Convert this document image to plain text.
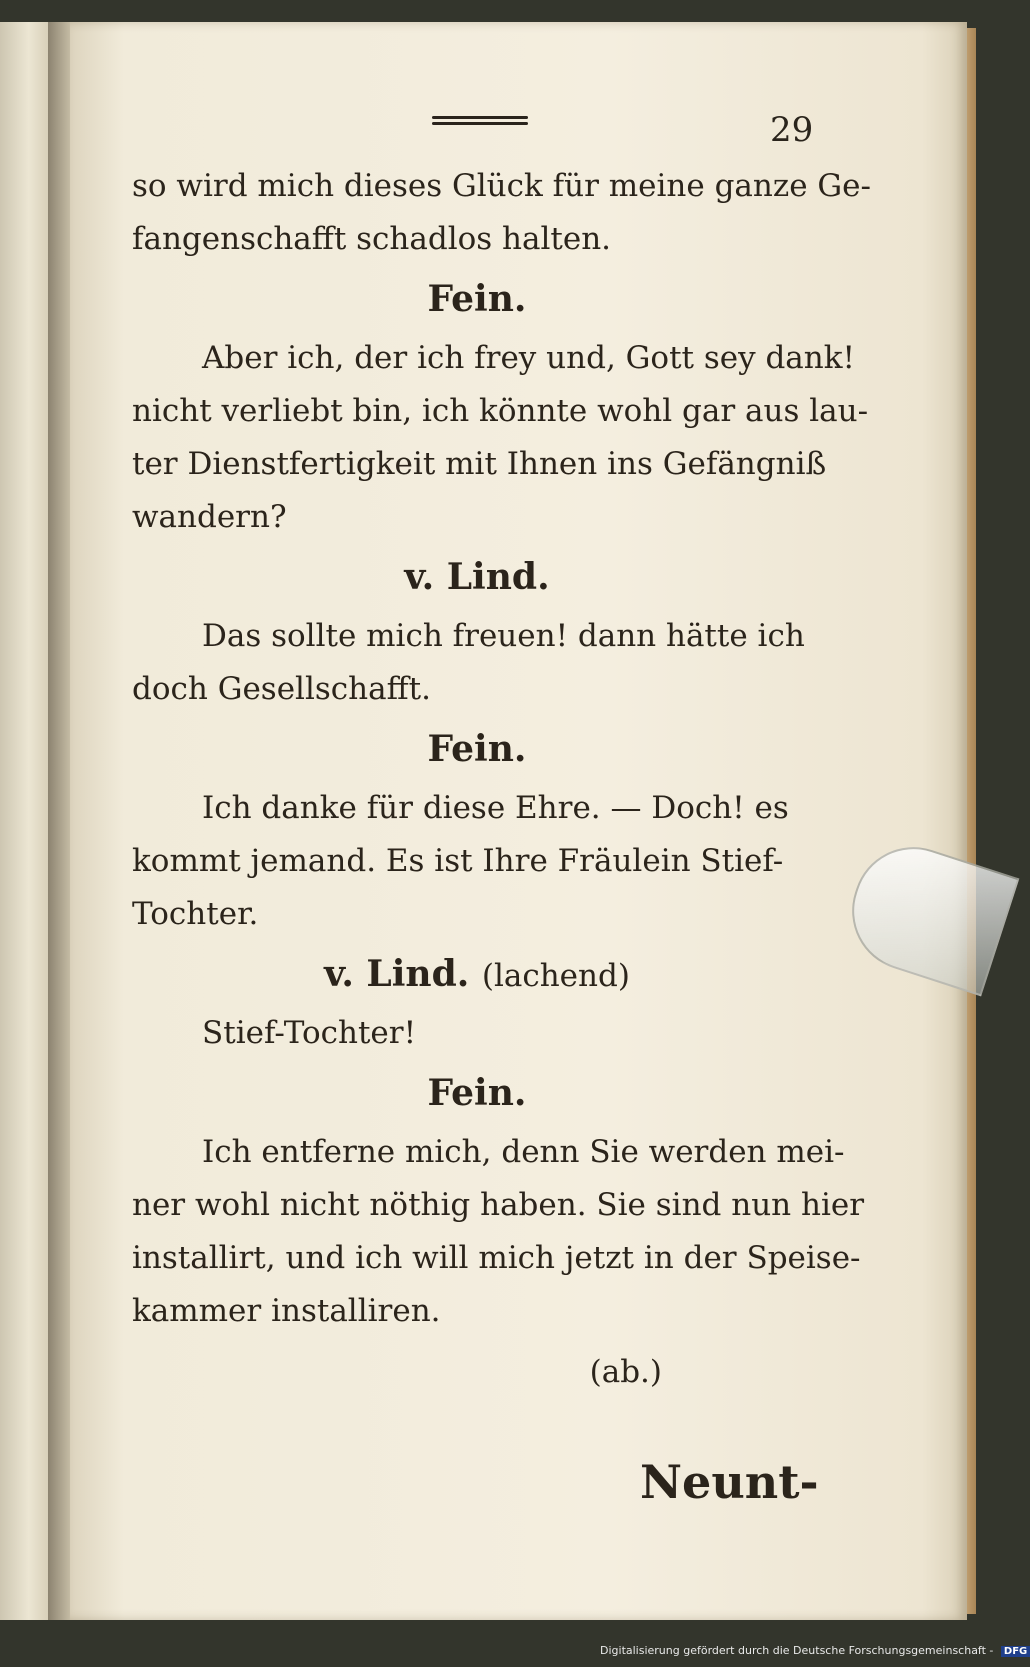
29
so wird mich dieses Glück für meine ganze Ge-
fangenschafft schadlos halten.
Fein.
Aber ich, der ich frey und, Gott sey dank!
nicht verliebt bin, ich könnte wohl gar aus lau-
ter Dienstfertigkeit mit Ihnen ins Gefängniß
wandern?
v. Lind.
Das sollte mich freuen! dann hätte ich
doch Gesellschafft.
Fein.
Ich danke für diese Ehre. — Doch! es
kommt jemand. Es ist Ihre Fräulein Stief-
Tochter.
v. Lind. (lachend)
Stief-Tochter!
Fein.
Ich entferne mich, denn Sie werden mei-
ner wohl nicht nöthig haben. Sie sind nun hier
installirt, und ich will mich jetzt in der Speise-
kammer installiren.
(ab.)
Neunt-
Digitalisierung gefördert durch die Deutsche Forschungsgemeinschaft - DFG
